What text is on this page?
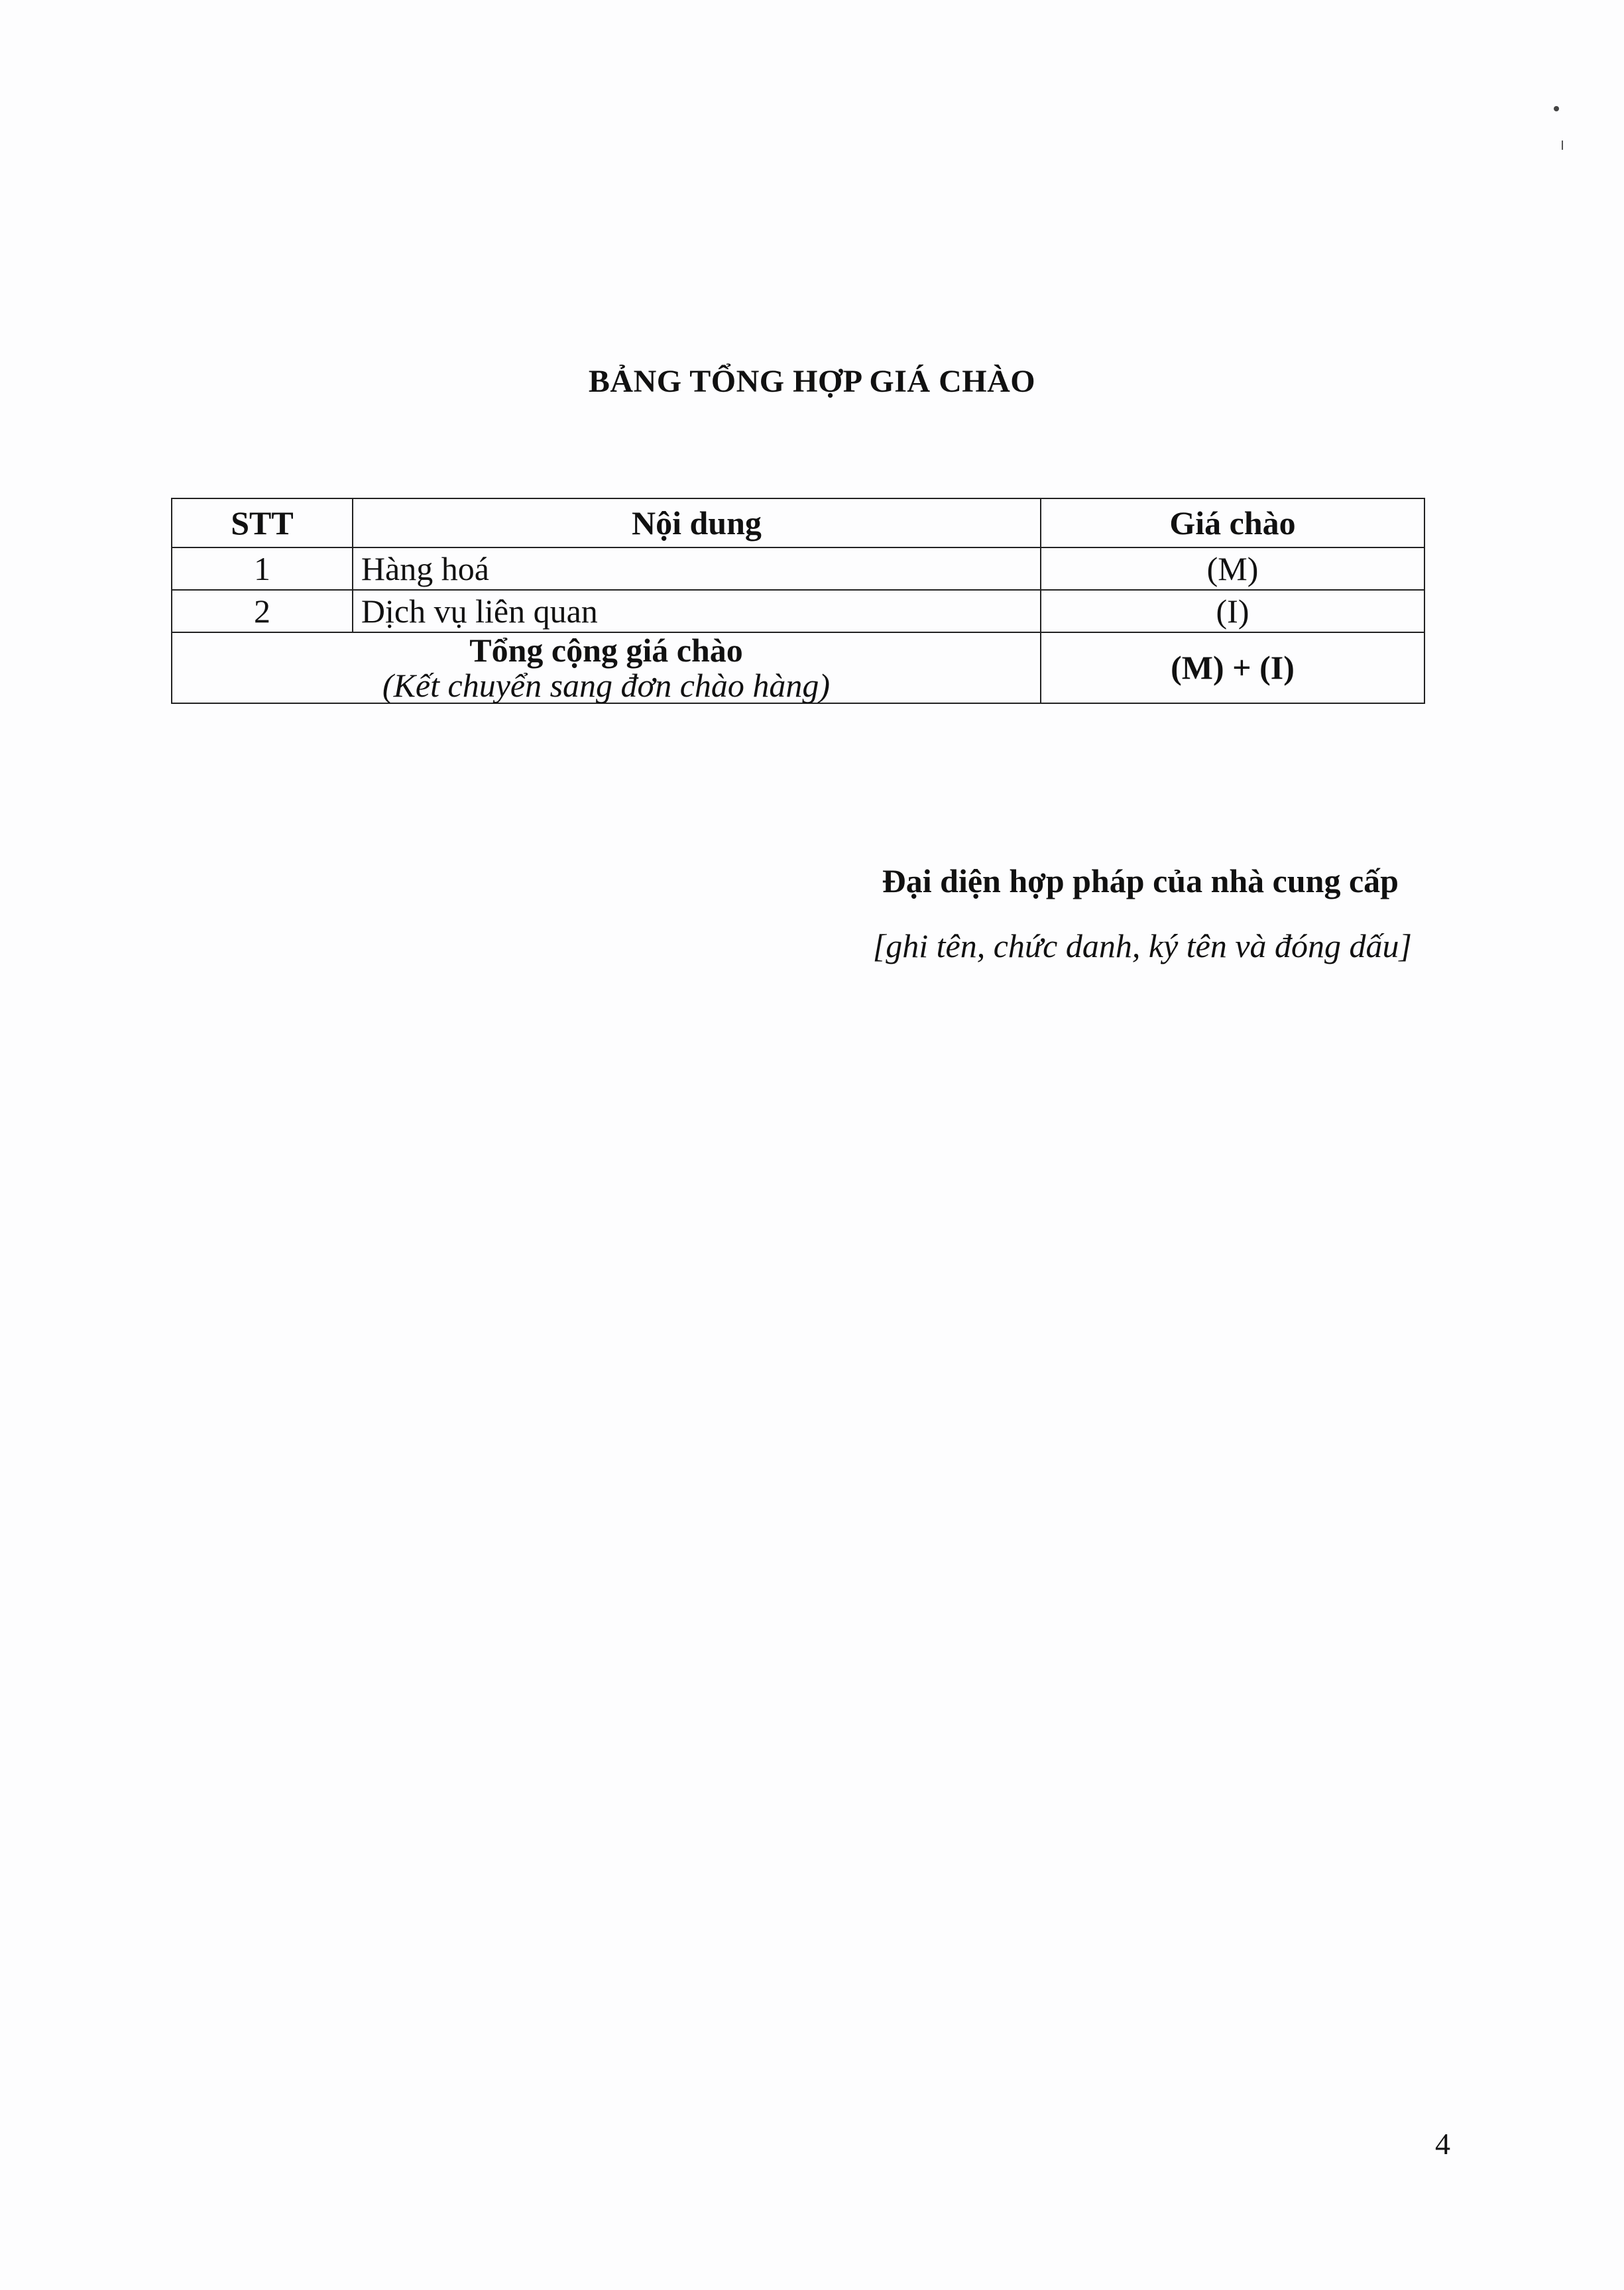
BẢNG TỔNG HỢP GIÁ CHÀO
STT	Nội dung	Giá chào
1	Hàng hoá	(M)
2	Dịch vụ liên quan	(I)

Tổng cộng giá chào
(Kết chuyển sang đơn chào hàng)		(M) + (I)
Đại diện hợp pháp của nhà cung cấp
[ghi tên, chức danh, ký tên và đóng dấu]
4
